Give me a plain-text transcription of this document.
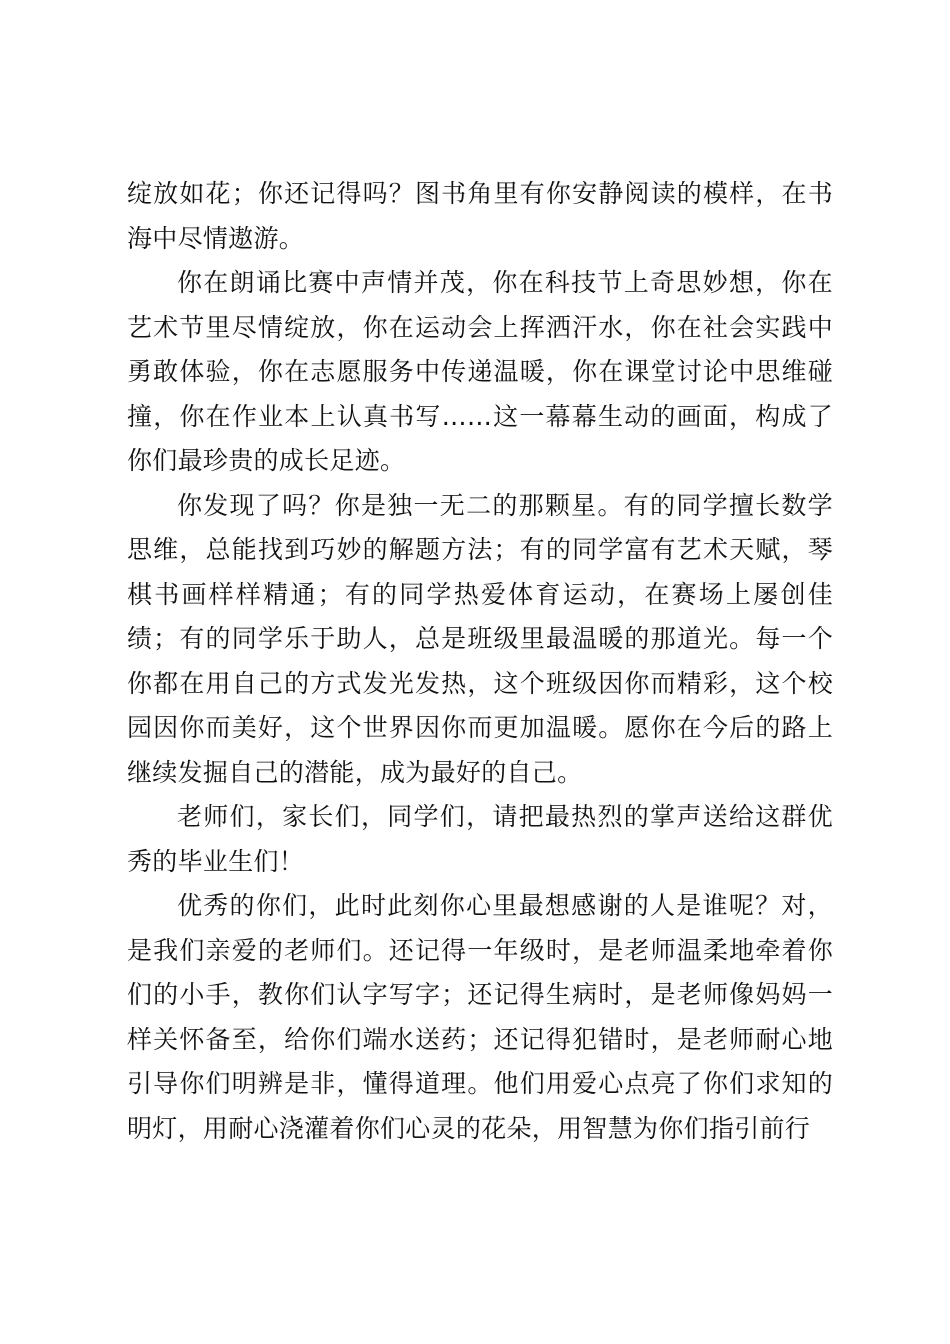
绽放如花；你还记得吗？图书角里有你安静阅读的模样，在书海中尽情遨游。

你在朗诵比赛中声情并茂，你在科技节上奇思妙想，你在艺术节里尽情绽放，你在运动会上挥洒汗水，你在社会实践中勇敢体验，你在志愿服务中传递温暖，你在课堂讨论中思维碰撞，你在作业本上认真书写……这一幕幕生动的画面，构成了你们最珍贵的成长足迹。

你发现了吗？你是独一无二的那颗星。有的同学擅长数学思维，总能找到巧妙的解题方法；有的同学富有艺术天赋，琴棋书画样样精通；有的同学热爱体育运动，在赛场上屡创佳绩；有的同学乐于助人，总是班级里最温暖的那道光。每一个你都在用自己的方式发光发热，这个班级因你而精彩，这个校园因你而美好，这个世界因你而更加温暖。愿你在今后的路上继续发掘自己的潜能，成为最好的自己。

老师们，家长们，同学们，请把最热烈的掌声送给这群优秀的毕业生们！

优秀的你们，此时此刻你心里最想感谢的人是谁呢？对，是我们亲爱的老师们。还记得一年级时，是老师温柔地牵着你们的小手，教你们认字写字；还记得生病时，是老师像妈妈一样关怀备至，给你们端水送药；还记得犯错时，是老师耐心地引导你们明辨是非，懂得道理。他们用爱心点亮了你们求知的明灯，用耐心浇灌着你们心灵的花朵，用智慧为你们指引前行
